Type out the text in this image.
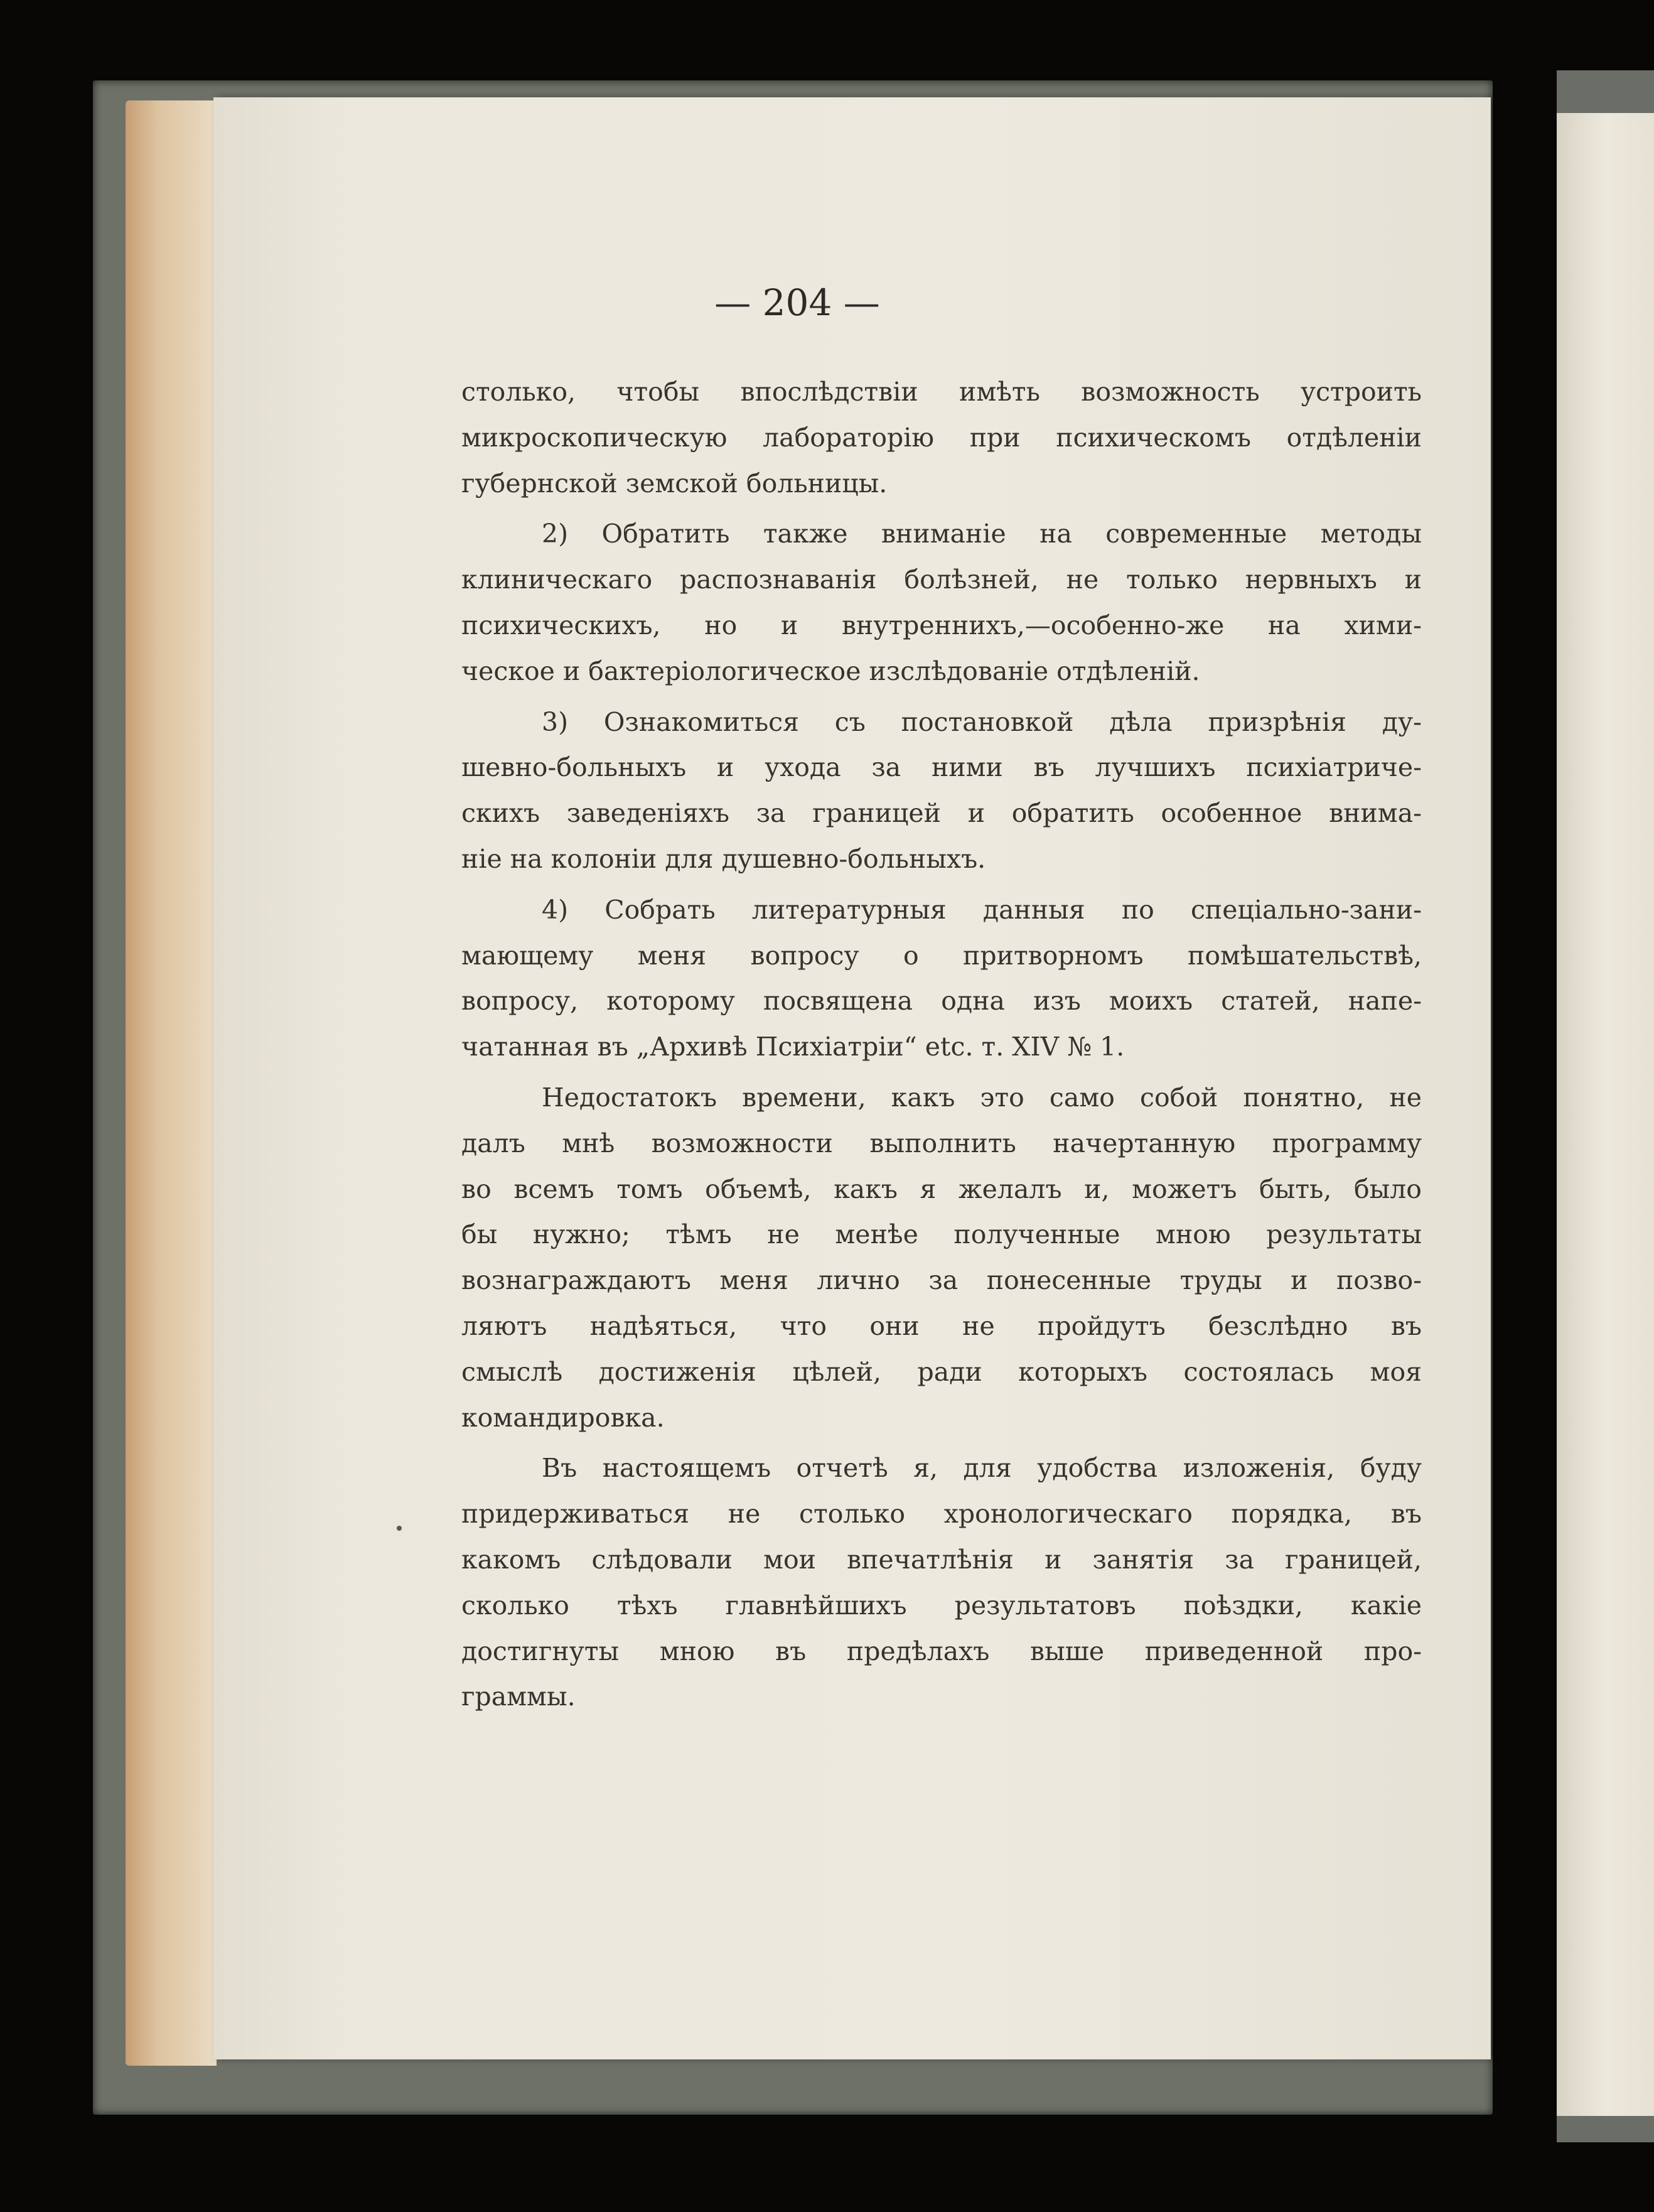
— 204 —
столько, чтобы впослѣдствіи имѣть возможность устроить
микроскопическую лабораторію при психическомъ отдѣленіи
губернской земской больницы.
2) Обратить также вниманіе на современные методы
клиническаго распознаванія болѣзней, не только нервныхъ и
психическихъ, но и внутреннихъ,—особенно-же на хими-
ческое и бактеріологическое изслѣдованіе отдѣленій.
3) Ознакомиться съ постановкой дѣла призрѣнія ду-
шевно-больныхъ и ухода за ними въ лучшихъ психіатриче-
скихъ заведеніяхъ за границей и обратить особенное внима-
ніе на колоніи для душевно-больныхъ.
4) Собрать литературныя данныя по спеціально-зани-
мающему меня вопросу о притворномъ помѣшательствѣ,
вопросу, которому посвящена одна изъ моихъ статей, напе-
чатанная въ „Архивѣ Психіатріи“ etc. т. XIV № 1.
Недостатокъ времени, какъ это само собой понятно, не
далъ мнѣ возможности выполнить начертанную программу
во всемъ томъ объемѣ, какъ я желалъ и, можетъ быть, было
бы нужно; тѣмъ не менѣе полученные мною результаты
вознаграждаютъ меня лично за понесенные труды и позво-
ляютъ надѣяться, что они не пройдутъ безслѣдно въ
смыслѣ достиженія цѣлей, ради которыхъ состоялась моя
командировка.
Въ настоящемъ отчетѣ я, для удобства изложенія, буду
придерживаться не столько хронологическаго порядка, въ
какомъ слѣдовали мои впечатлѣнія и занятія за границей,
сколько тѣхъ главнѣйшихъ результатовъ поѣздки, какіе
достигнуты мною въ предѣлахъ выше приведенной про-
граммы.
